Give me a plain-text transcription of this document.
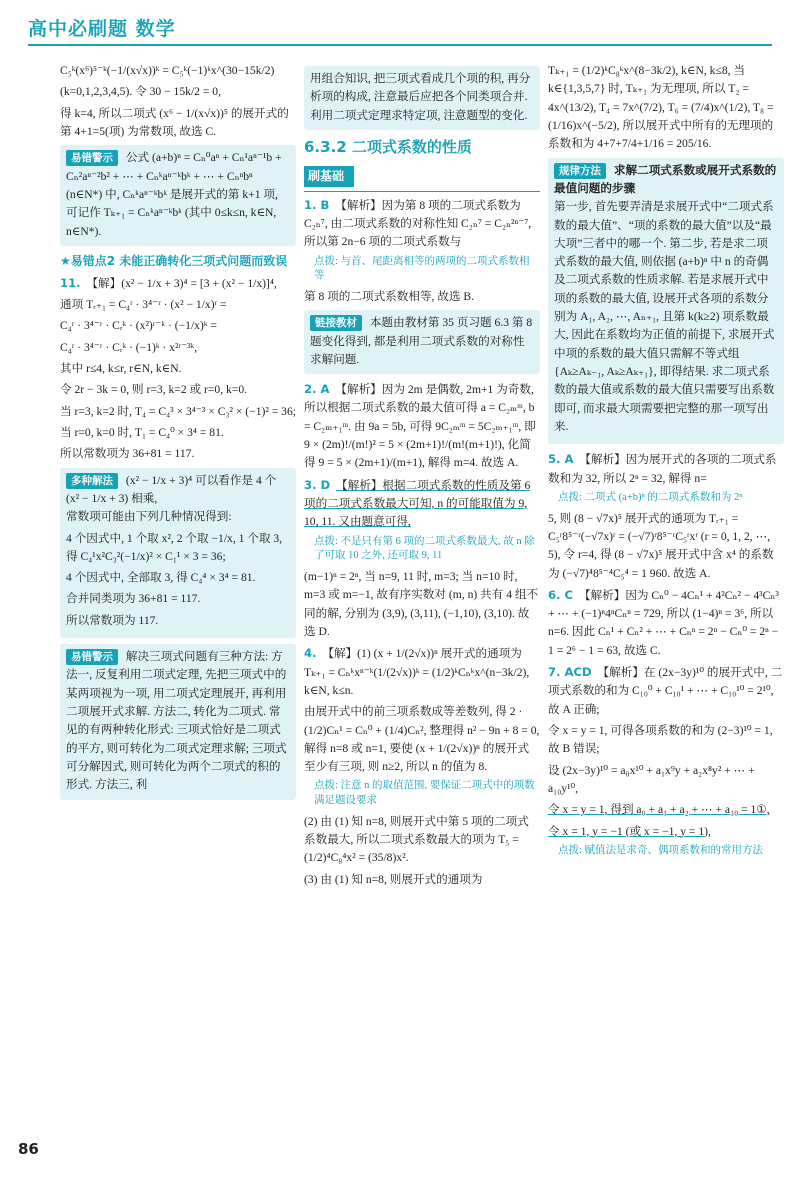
高中必刷题 数学

C₅ᵏ(x⁶)⁵⁻ᵏ(−1/(x√x))ᵏ = C₅ᵏ(−1)ᵏx^(30−15k/2)

(k=0,1,2,3,4,5). 令 30 − 15k/2 = 0,

得 k=4, 所以二项式 (x⁶ − 1/(x√x))⁵ 的展开式的第 4+1=5(项) 为常数项, 故选 C.

易错警示 公式 (a+b)ⁿ = Cₙ⁰aⁿ + Cₙ¹aⁿ⁻¹b + Cₙ²aⁿ⁻²b² + ⋯ + Cₙᵏaⁿ⁻ᵏbᵏ + ⋯ + Cₙⁿbⁿ (n∈N*) 中, Cₙᵏaⁿ⁻ᵏbᵏ 是展开式的第 k+1 项, 可记作 Tₖ₊₁ = Cₙᵏaⁿ⁻ᵏbᵏ (其中 0≤k≤n, k∈N, n∈N*).
★易错点2 未能正确转化三项式问题而致误

11. 【解】(x² − 1/x + 3)⁴ = [3 + (x² − 1/x)]⁴,

通项 Tᵣ₊₁ = C₄ʳ · 3⁴⁻ʳ · (x² − 1/x)ʳ =

C₄ʳ · 3⁴⁻ʳ · Cᵣᵏ · (x²)ʳ⁻ᵏ · (−1/x)ᵏ =

C₄ʳ · 3⁴⁻ʳ · Cᵣᵏ · (−1)ᵏ · x²ʳ⁻³ᵏ,

其中 r≤4, k≤r, r∈N, k∈N.

令 2r − 3k = 0, 则 r=3, k=2 或 r=0, k=0.

当 r=3, k=2 时, T₄ = C₄³ × 3⁴⁻³ × C₃² × (−1)² = 36;

当 r=0, k=0 时, T₁ = C₄⁰ × 3⁴ = 81.

所以常数项为 36+81 = 117.

多种解法 (x² − 1/x + 3)⁴ 可以看作是 4 个 (x² − 1/x + 3) 相乘,

常数项可能由下列几种情况得到:

4 个因式中, 1 个取 x², 2 个取 −1/x, 1 个取 3, 得 C₄¹x²C₃²(−1/x)² × C₁¹ × 3 = 36;

4 个因式中, 全部取 3, 得 C₄⁴ × 3⁴ = 81.

合并同类项为 36+81 = 117.

所以常数项为 117.

易错警示 解决三项式问题有三种方法: 方法一, 反复利用二项式定理, 先把三项式中的某两项视为一项, 用二项式定理展开, 再利用二项展开式求解. 方法二, 转化为二项式. 常见的有两种转化形式: 三项式恰好是二项式的平方, 则可转化为二项式定理求解; 三项式可分解因式, 则可转化为两个二项式的积的形式. 方法三, 利
用组合知识, 把三项式看成几个项的积, 再分析项的构成, 注意最后应把各个同类项合并. 利用二项式定理求特定项, 注意题型的变化.
6.3.2 二项式系数的性质
刷基础

1. B 【解析】因为第 8 项的二项式系数为 C₂ₙ⁷, 由二项式系数的对称性知 C₂ₙ⁷ = C₂ₙ²ⁿ⁻⁷, 所以第 2n−6 项的二项式系数与

点拨: 与首、尾距离相等的两项的二项式系数相等

第 8 项的二项式系数相等, 故选 B.

链接教材 本题由教材第 35 页习题 6.3 第 8 题变化得到, 都是利用二项式系数的对称性求解问题.

2. A 【解析】因为 2m 是偶数, 2m+1 为奇数, 所以根据二项式系数的最大值可得 a = C₂ₘᵐ, b = C₂ₘ₊₁ᵐ. 由 9a = 5b, 可得 9C₂ₘᵐ = 5C₂ₘ₊₁ᵐ, 即 9 × (2m)!/(m!)² = 5 × (2m+1)!/(m!(m+1)!), 化简得 9 = 5 × (2m+1)/(m+1), 解得 m=4. 故选 A.

3. D 【解析】根据二项式系数的性质及第 6 项的二项式系数最大可知, n 的可能取值为 9, 10, 11. 又由题意可得,

点拨: 不是只有第 6 项的二项式系数最大, 故 n 除了可取 10 之外, 还可取 9, 11

(m−1)ⁿ = 2ⁿ, 当 n=9, 11 时, m=3; 当 n=10 时, m=3 或 m=−1, 故有序实数对 (m, n) 共有 4 组不同的解, 分别为 (3,9), (3,11), (−1,10), (3,10). 故选 D.

4. 【解】(1) (x + 1/(2√x))ⁿ 展开式的通项为 Tₖ₊₁ = Cₙᵏxⁿ⁻ᵏ(1/(2√x))ᵏ = (1/2)ᵏCₙᵏx^(n−3k/2), k∈N, k≤n.

由展开式中的前三项系数成等差数列, 得 2 · (1/2)Cₙ¹ = Cₙ⁰ + (1/4)Cₙ², 整理得 n² − 9n + 8 = 0, 解得 n=8 或 n=1, 要使 (x + 1/(2√x))ⁿ 的展开式至少有三项, 则 n≥2, 所以 n 的值为 8.

点拨: 注意 n 的取值范围, 要保证二项式中的项数满足题设要求

(2) 由 (1) 知 n=8, 则展开式中第 5 项的二项式系数最大, 所以二项式系数最大的项为 T₅ = (1/2)⁴C₈⁴x² = (35/8)x².

(3) 由 (1) 知 n=8, 则展开式的通项为

Tₖ₊₁ = (1/2)ᵏC₈ᵏx^(8−3k/2), k∈N, k≤8, 当 k∈{1,3,5,7} 时, Tₖ₊₁ 为无理项, 所以 T₂ = 4x^(13/2), T₄ = 7x^(7/2), T₆ = (7/4)x^(1/2), T₈ = (1/16)x^(−5/2), 所以展开式中所有的无理项的系数和为 4+7+7/4+1/16 = 205/16.

规律方法 求解二项式系数或展开式系数的最值问题的步骤

第一步, 首先要弄清是求展开式中“二项式系数的最大值”、“项的系数的最大值”以及“最大项”三者中的哪一个. 第二步, 若是求二项式系数的最大值, 则依据 (a+b)ⁿ 中 n 的奇偶及二项式系数的性质求解. 若是求展开式中项的系数的最大值, 设展开式各项的系数分别为 A₁, A₂, ⋯, Aₙ₊₁, 且第 k(k≥2) 项系数最大, 因此在系数均为正值的前提下, 求展开式中项的系数的最大值只需解不等式组 {Aₖ≥Aₖ₋₁, Aₖ≥Aₖ₊₁}, 即得结果. 求二项式系数的最大值或系数的最大值只需要写出系数即可, 而求最大项需要把完整的那一项写出来.

5. A 【解析】因为展开式的各项的二项式系数和为 32, 所以 2ⁿ = 32, 解得 n=

点拨: 二项式 (a+b)ⁿ 的二项式系数和为 2ⁿ

5, 则 (8 − √7x)⁵ 展开式的通项为 Tᵣ₊₁ = C₅ʳ8⁵⁻ʳ(−√7x)ʳ = (−√7)ʳ8⁵⁻ʳC₅ʳxʳ (r = 0, 1, 2, ⋯, 5), 令 r=4, 得 (8 − √7x)⁵ 展开式中含 x⁴ 的系数为 (−√7)⁴8⁵⁻⁴C₅⁴ = 1 960. 故选 A.

6. C 【解析】因为 Cₙ⁰ − 4Cₙ¹ + 4²Cₙ² − 4³Cₙ³ + ⋯ + (−1)ⁿ4ⁿCₙⁿ = 729, 所以 (1−4)ⁿ = 3⁶, 所以 n=6. 因此 Cₙ¹ + Cₙ² + ⋯ + Cₙⁿ = 2ⁿ − Cₙ⁰ = 2ⁿ − 1 = 2⁶ − 1 = 63, 故选 C.

7. ACD 【解析】在 (2x−3y)¹⁰ 的展开式中, 二项式系数的和为 C₁₀⁰ + C₁₀¹ + ⋯ + C₁₀¹⁰ = 2¹⁰, 故 A 正确;

令 x = y = 1, 可得各项系数的和为 (2−3)¹⁰ = 1, 故 B 错误;

设 (2x−3y)¹⁰ = a₀x¹⁰ + a₁x⁹y + a₂x⁸y² + ⋯ + a₁₀y¹⁰,

令 x = y = 1, 得到 a₀ + a₁ + a₂ + ⋯ + a₁₀ = 1①,

令 x = 1, y = −1 (或 x = −1, y = 1),

点拨: 赋值法是求奇、偶项系数和的常用方法
86
